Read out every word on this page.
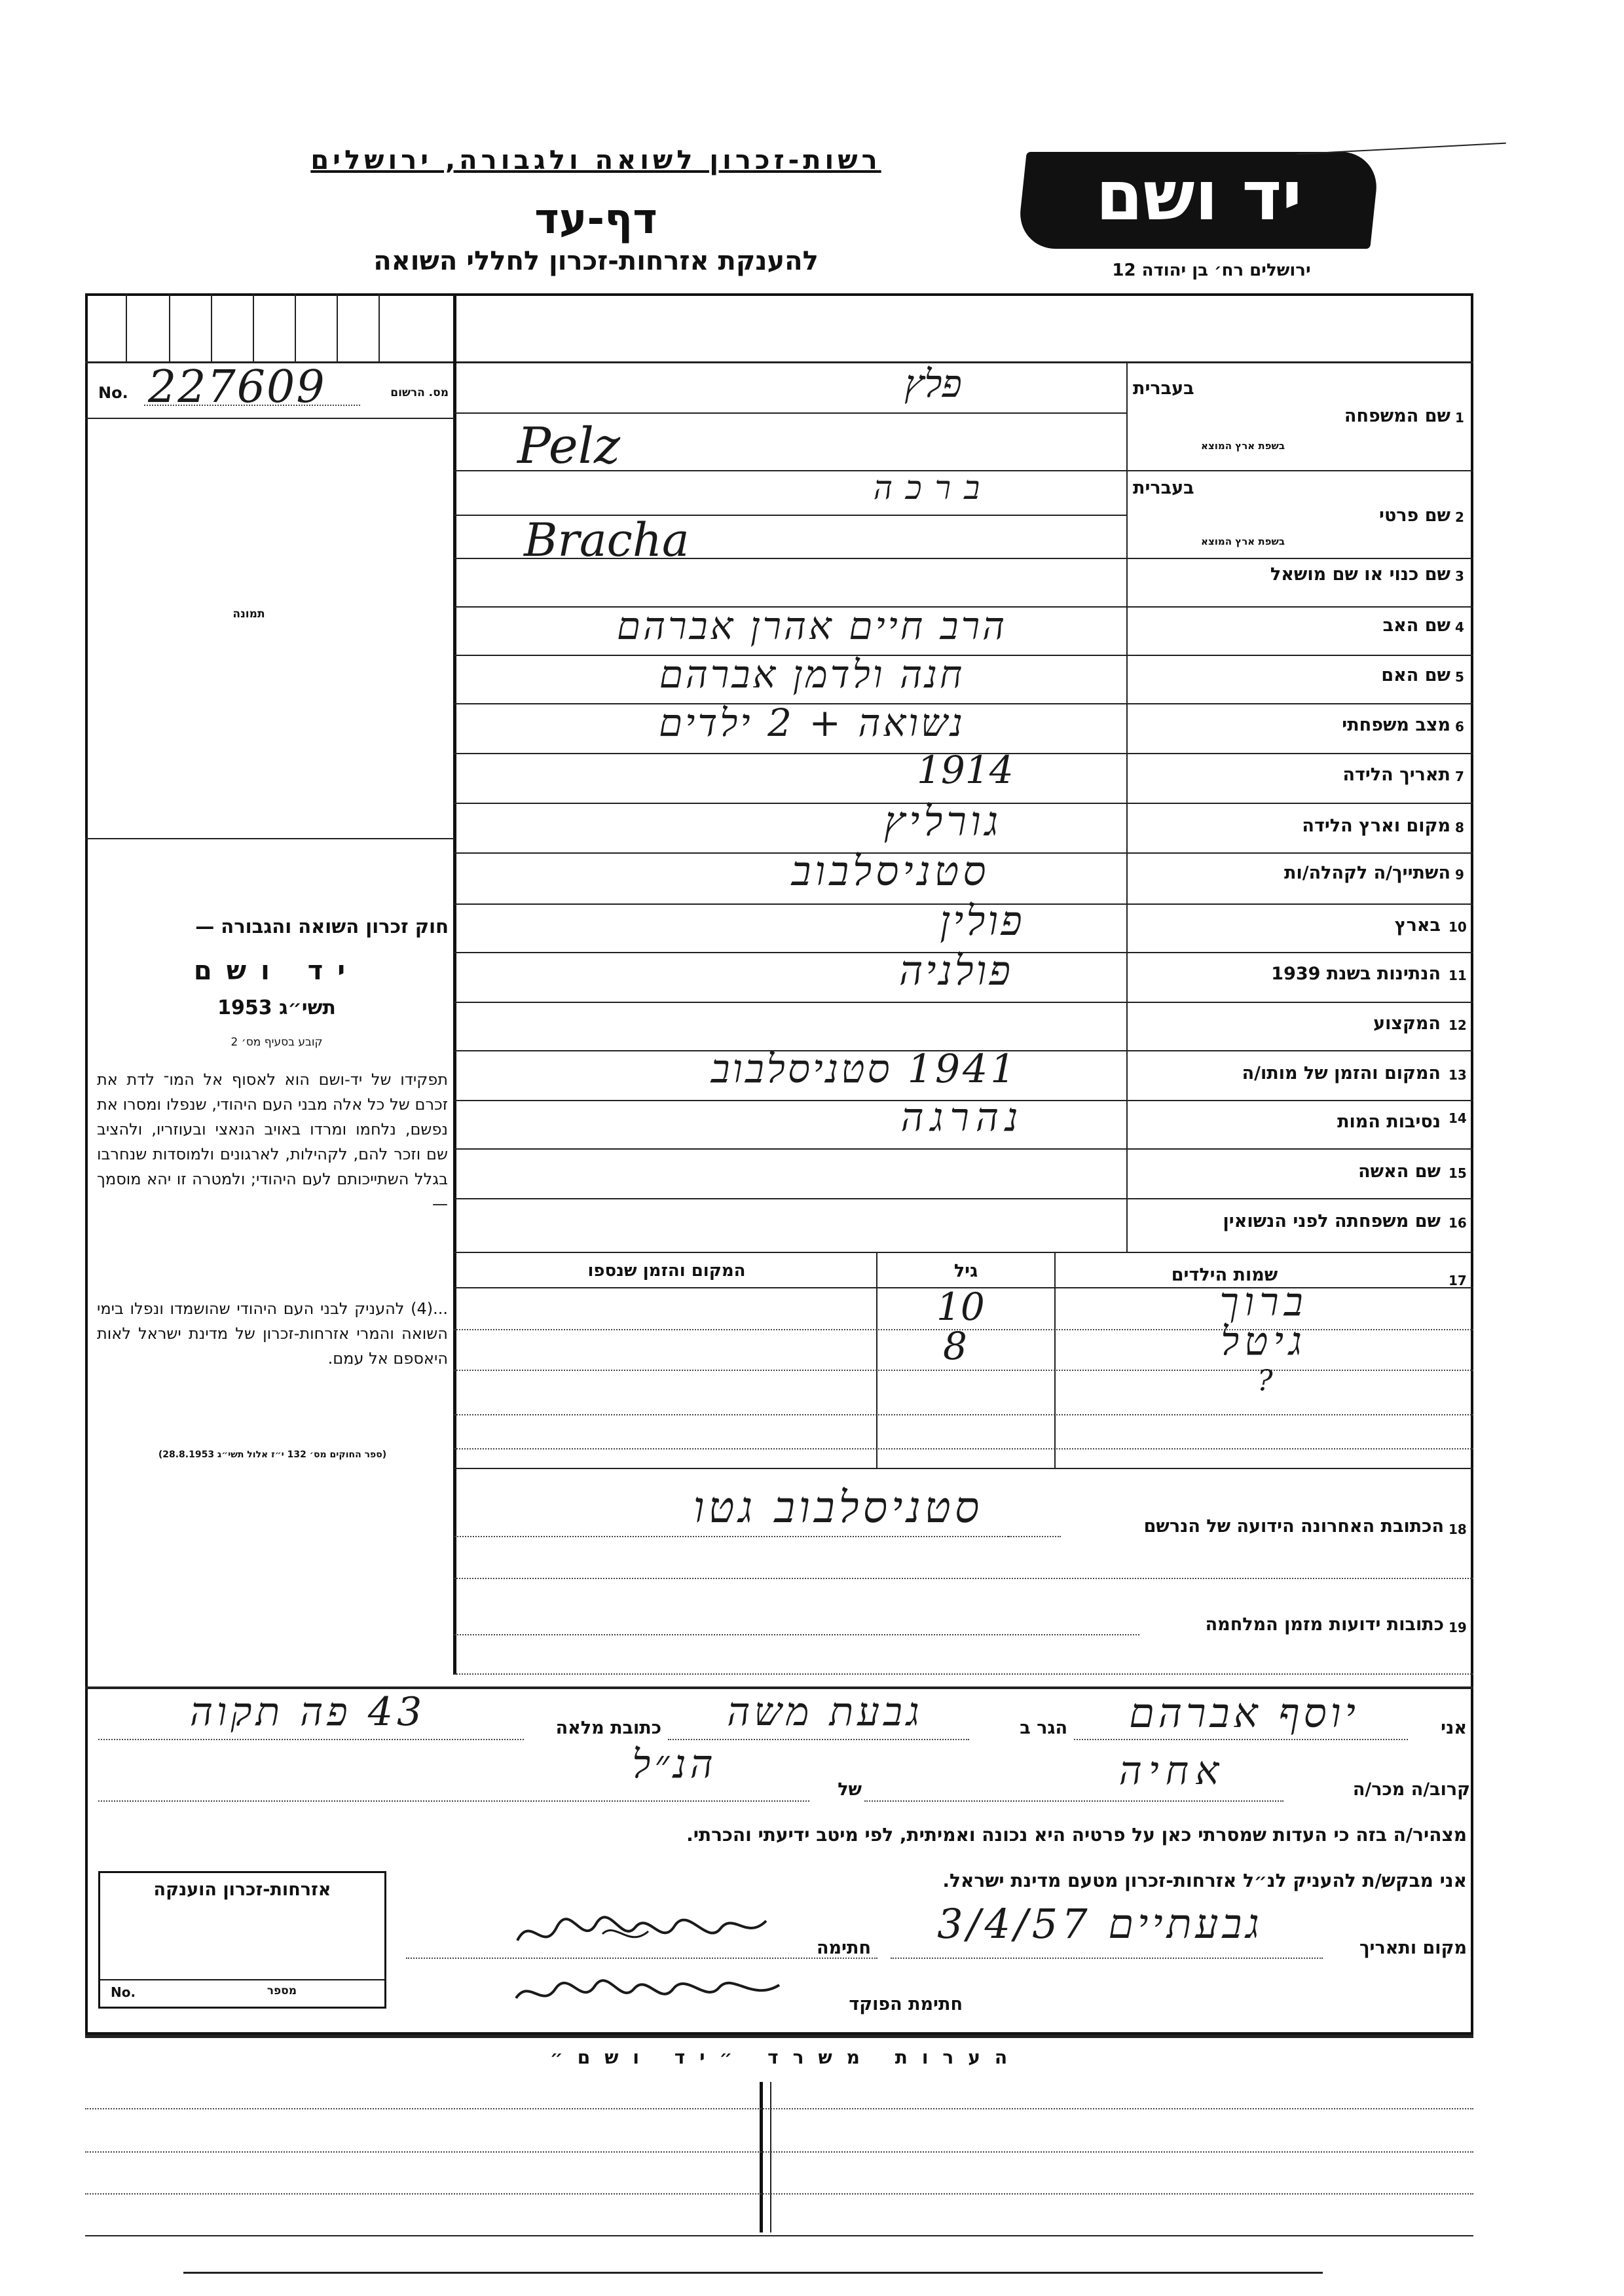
רשות-זכרון לשואה ולגבורה, ירושלים
דף-עד
להענקת אזרחות-זכרון לחללי השואה
יד ושם
ירושלים רח׳ בן יהודה 12
No. 227609	מס. הרשום
תמונה
חוק זכרון השואה והגבורה —
יד ושם
תשי״ג 1953
קובע בסעיף מס׳ 2
תפקידו של יד-ושם הוא לאסוף אל המו־ לדת את זכרם של כל אלה מבני העם היהודי, שנפלו ומסרו את נפשם, נלחמו ומרדו באויב הנאצי ובעוזריו, ולהציב שם וזכר להם, לקהילות, לארגונים ולמוסדות שנחרבו בגלל השתייכותם לעם היהודי; ולמטרה זו יהא מוסמך —
...(4) להעניק לבני העם היהודי שהושמדו ונפלו בימי השואה והמרי אזרחות-זכרון של מדינת ישראל לאות היאספם אל עמם.
(ספר החוקים מס׳ 132 י״ז אלול תשי״ג 28.8.1953)
1
שם המשפחה
בעברית
בשפת ארץ המוצא
פלץ
Pelz
2
שם פרטי
בעברית
בשפת ארץ המוצא
ברכה
Bracha
3
שם כנוי או שם מושאל
4
שם האב
הרב חיים אהרן אברהם
5
שם האם
חנה ולדמן אברהם
6
מצב משפחתי
נשואה + 2 ילדים
7
תאריך הלידה
1914
8
מקום וארץ הלידה
גורליץ
9
השתייך/ה לקהלה/ות
סטניסלבוב
10
בארץ
פולין
11
הנתינות בשנת 1939
פולניה
12
המקצוע
13
המקום והזמן של מותו/ה
1941 סטניסלבוב
14
נסיבות המות
נהרגה
15
שם האשה
16
שם משפחתה לפני הנשואין
17
שמות הילדים
גיל
המקום והזמן שנספו
ברוך
10
גיטל
8
?
18
הכתובת האחרונה הידועה של הנרשם
סטניסלבוב גטו
19
כתובות ידועות מזמן המלחמה
אני
יוסף אברהם
הגר ב
גבעת משה
כתובת מלאה
43 פה תקוה
קרוב/ה מכר/ה
אחיה
של
הנ״ל
מצהיר/ה בזה כי העדות שמסרתי כאן על פרטיה היא נכונה ואמיתית, לפי מיטב ידיעתי והכרתי.
אני מבקש/ת להעניק לנ״ל אזרחות-זכרון מטעם מדינת ישראל.
אזרחות-זכרון הוענקה
No.	מספר
מקום ותאריך
גבעתיים 3/4/57
חתימה
חתימת הפוקד
הערות משרד ״יד ושם״
